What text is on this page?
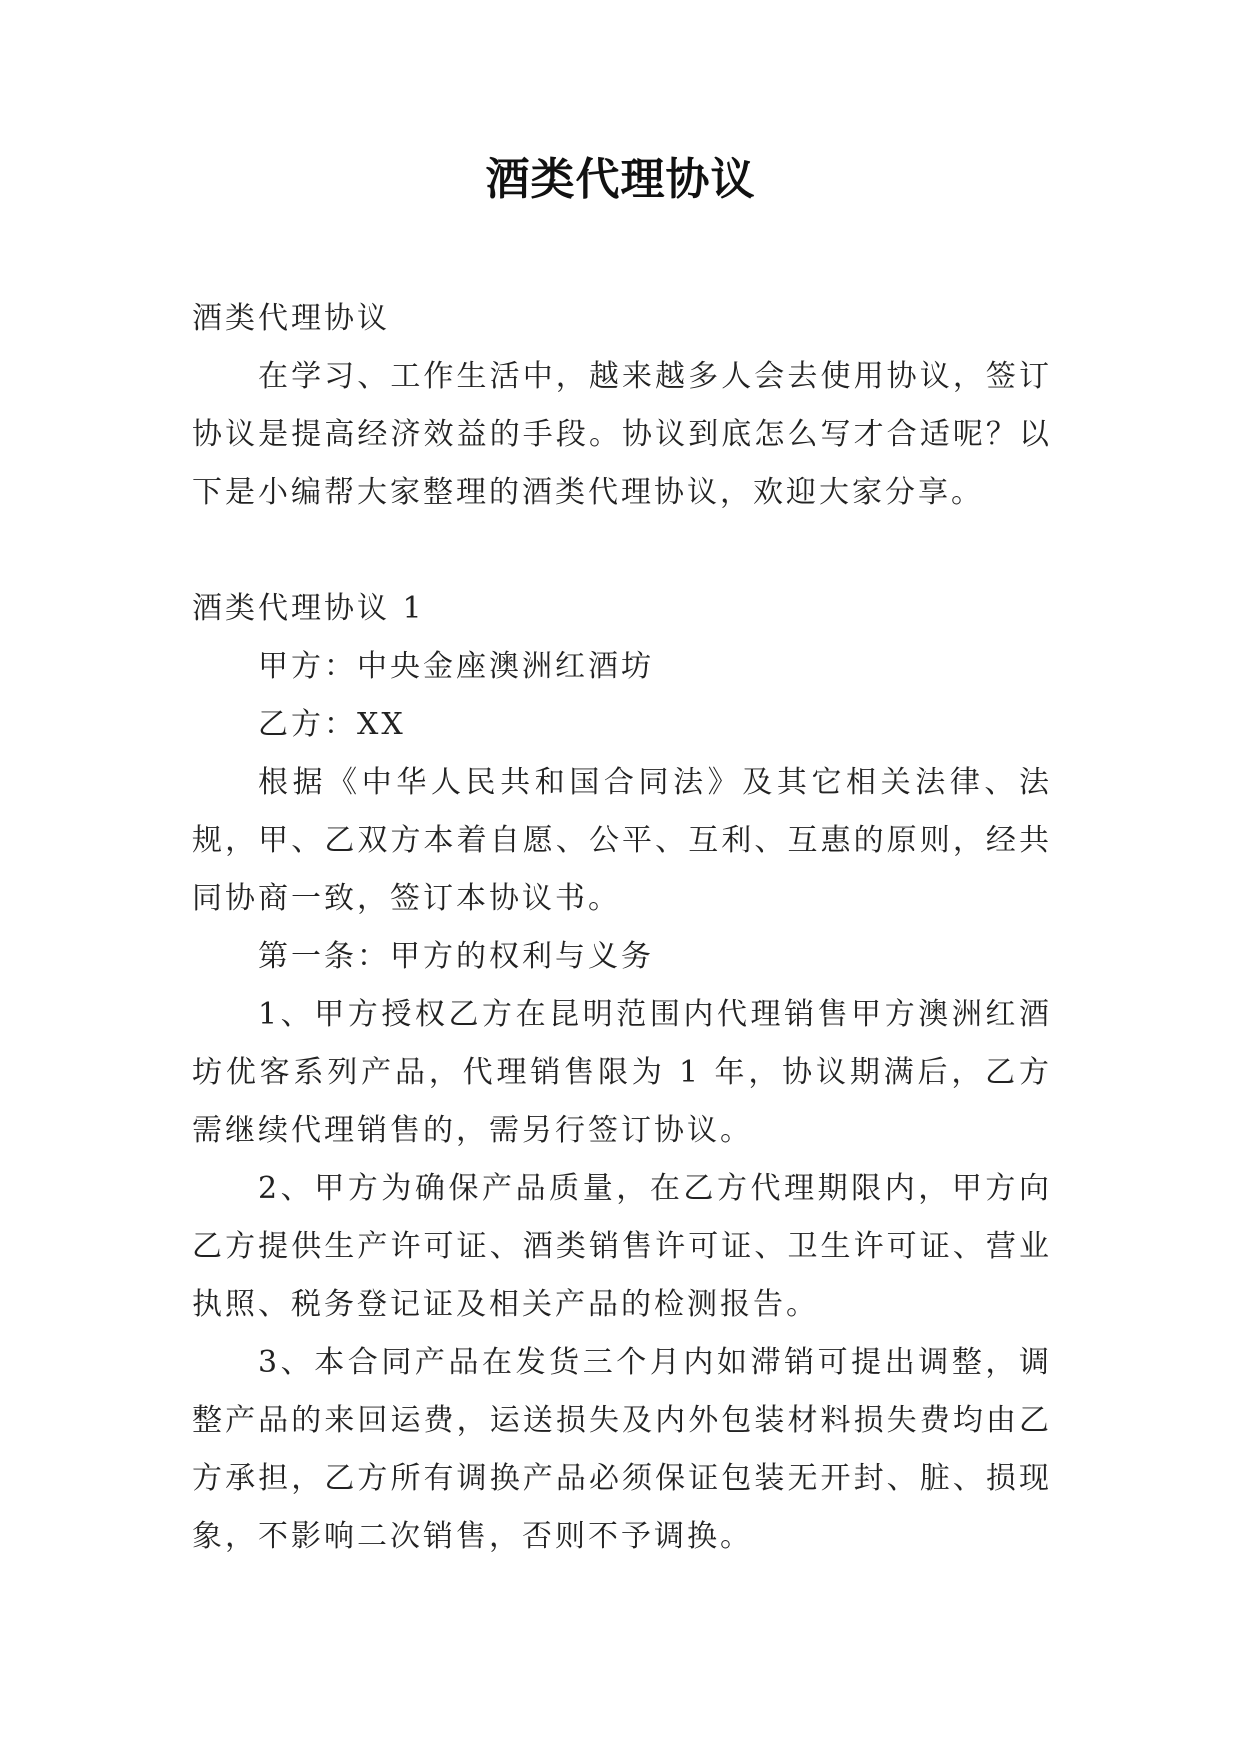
酒类代理协议

酒类代理协议

在学习、工作生活中，越来越多人会去使用协议，签订协议是提高经济效益的手段。协议到底怎么写才合适呢？以下是小编帮大家整理的酒类代理协议，欢迎大家分享。

酒类代理协议 1

甲方：中央金座澳洲红酒坊

乙方：XX

根据《中华人民共和国合同法》及其它相关法律、法规，甲、乙双方本着自愿、公平、互利、互惠的原则，经共同协商一致，签订本协议书。

第一条：甲方的权利与义务

1、甲方授权乙方在昆明范围内代理销售甲方澳洲红酒坊优客系列产品，代理销售限为 1 年，协议期满后，乙方需继续代理销售的，需另行签订协议。

2、甲方为确保产品质量，在乙方代理期限内，甲方向乙方提供生产许可证、酒类销售许可证、卫生许可证、营业执照、税务登记证及相关产品的检测报告。

3、本合同产品在发货三个月内如滞销可提出调整，调整产品的来回运费，运送损失及内外包装材料损失费均由乙方承担，乙方所有调换产品必须保证包装无开封、脏、损现象，不影响二次销售，否则不予调换。
